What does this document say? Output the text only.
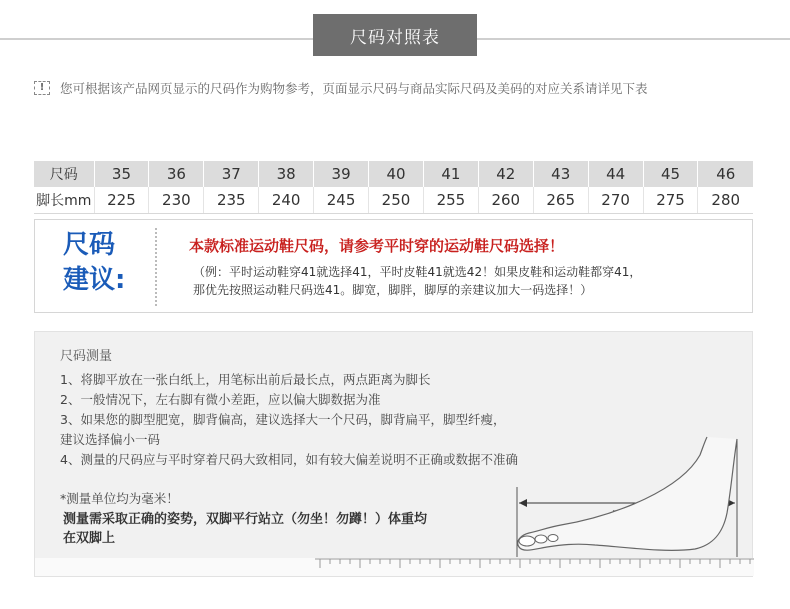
尺码对照表
!	您可根据该产品网页显示的尺码作为购物参考，页面显示尺码与商品实际尺码及美码的对应关系请详见下表
尺码	35	36	37	38	39	40	41	42	43	44	45	46
脚长mm	225	230	235	240	245	250	255	260	265	270	275	280
尺码
建议:
本款标准运动鞋尺码，请参考平时穿的运动鞋尺码选择！
（例：平时运动鞋穿41就选择41，平时皮鞋41就选42！如果皮鞋和运动鞋都穿41，
那优先按照运动鞋尺码选41。脚宽，脚胖，脚厚的亲建议加大一码选择！）
尺码测量
1、将脚平放在一张白纸上，用笔标出前后最长点，两点距离为脚长
2、一般情况下，左右脚有微小差距，应以偏大脚数据为准
3、如果您的脚型肥宽，脚背偏高，建议选择大一个尺码，脚背扁平，脚型纤瘦，
建议选择偏小一码
4、测量的尺码应与平时穿着尺码大致相同，如有较大偏差说明不正确或数据不准确
*测量单位均为毫米！
测量需采取正确的姿势，双脚平行站立（勿坐！勿蹲！）体重均
在双脚上
